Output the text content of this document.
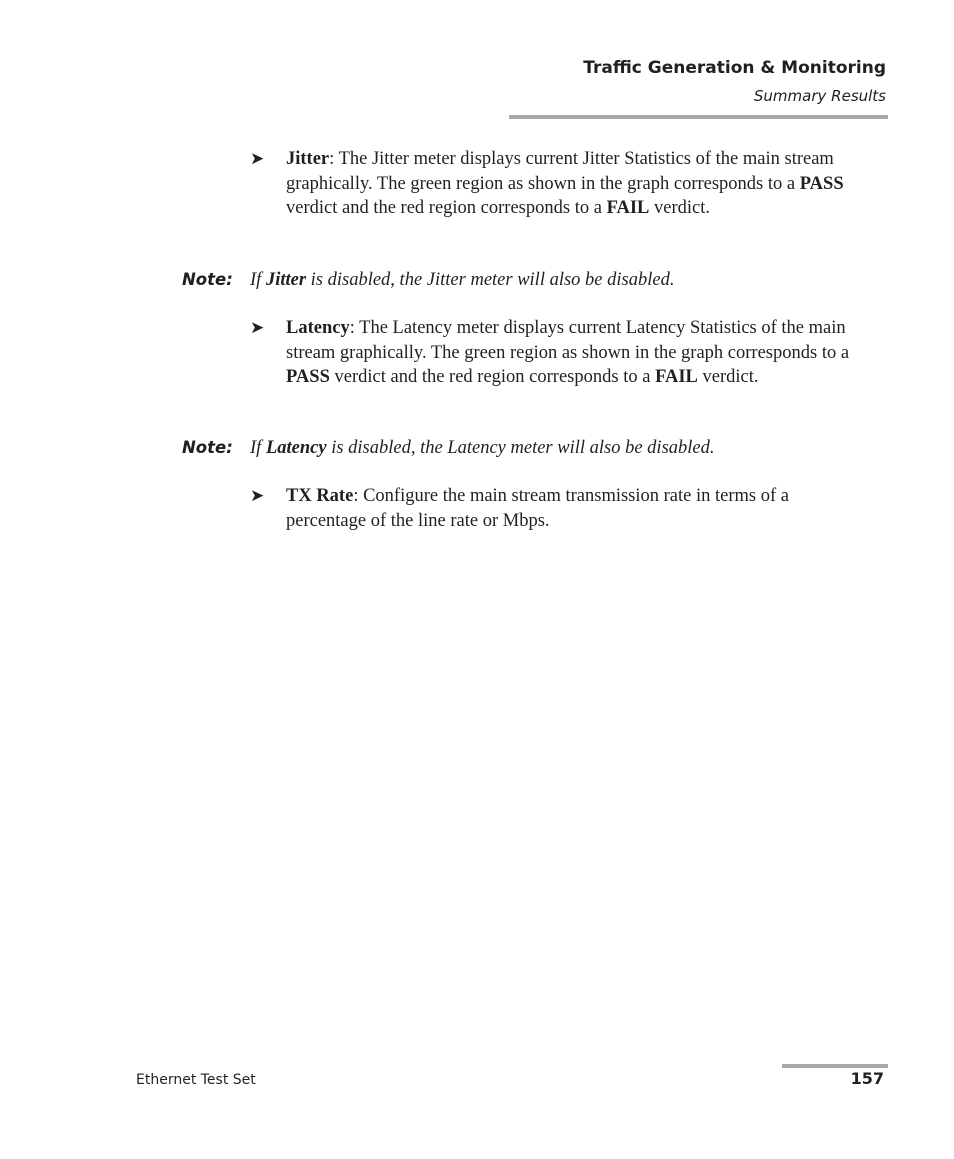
Traffic Generation & Monitoring
Summary Results
➤ Jitter: The Jitter meter displays current Jitter Statistics of the main stream graphically. The green region as shown in the graph corresponds to a PASS verdict and the red region corresponds to a FAIL verdict.
Note: If Jitter is disabled, the Jitter meter will also be disabled.
➤ Latency: The Latency meter displays current Latency Statistics of the main stream graphically. The green region as shown in the graph corresponds to a PASS verdict and the red region corresponds to a FAIL verdict.
Note: If Latency is disabled, the Latency meter will also be disabled.
➤ TX Rate: Configure the main stream transmission rate in terms of a percentage of the line rate or Mbps.
Ethernet Test Set	157
